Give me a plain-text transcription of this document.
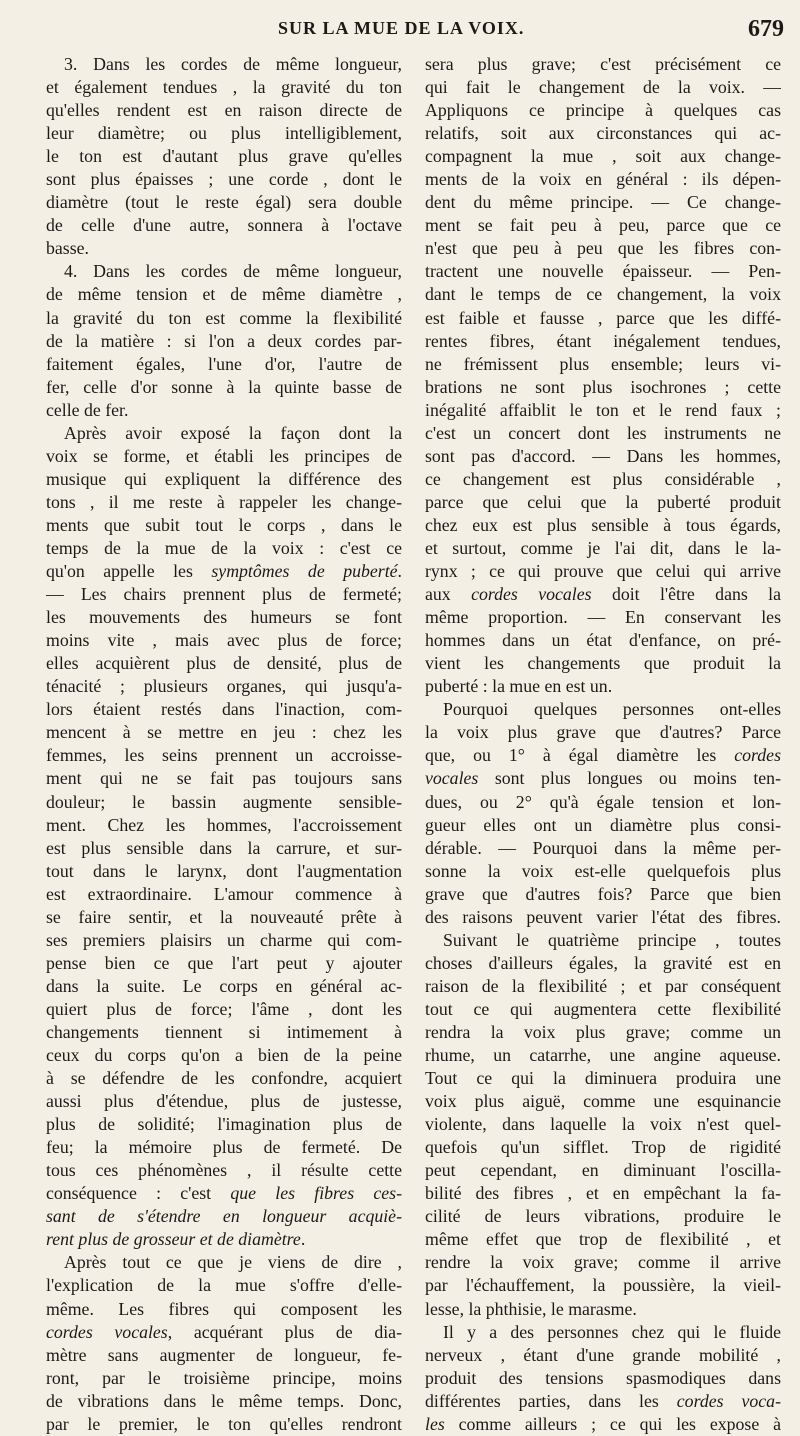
SUR LA MUE DE LA VOIX.	679
3. Dans les cordes de même longueur,
et également tendues , la gravité du ton
qu'elles rendent est en raison directe de
leur diamètre; ou plus intelligiblement,
le ton est d'autant plus grave qu'elles
sont plus épaisses ; une corde , dont le
diamètre (tout le reste égal) sera double
de celle d'une autre, sonnera à l'octave
basse.
4. Dans les cordes de même longueur,
de même tension et de même diamètre ,
la gravité du ton est comme la flexibilité
de la matière : si l'on a deux cordes par-
faitement égales, l'une d'or, l'autre de
fer, celle d'or sonne à la quinte basse de
celle de fer.
Après avoir exposé la façon dont la
voix se forme, et établi les principes de
musique qui expliquent la différence des
tons , il me reste à rappeler les change-
ments que subit tout le corps , dans le
temps de la mue de la voix : c'est ce
qu'on appelle les symptômes de puberté.
— Les chairs prennent plus de fermeté;
les mouvements des humeurs se font
moins vite , mais avec plus de force;
elles acquièrent plus de densité, plus de
ténacité ; plusieurs organes, qui jusqu'a-
lors étaient restés dans l'inaction, com-
mencent à se mettre en jeu : chez les
femmes, les seins prennent un accroisse-
ment qui ne se fait pas toujours sans
douleur; le bassin augmente sensible-
ment. Chez les hommes, l'accroissement
est plus sensible dans la carrure, et sur-
tout dans le larynx, dont l'augmentation
est extraordinaire. L'amour commence à
se faire sentir, et la nouveauté prête à
ses premiers plaisirs un charme qui com-
pense bien ce que l'art peut y ajouter
dans la suite. Le corps en général ac-
quiert plus de force; l'âme , dont les
changements tiennent si intimement à
ceux du corps qu'on a bien de la peine
à se défendre de les confondre, acquiert
aussi plus d'étendue, plus de justesse,
plus de solidité; l'imagination plus de
feu; la mémoire plus de fermeté. De
tous ces phénomènes , il résulte cette
conséquence : c'est que les fibres ces-
sant de s'étendre en longueur acquiè-
rent plus de grosseur et de diamètre.
Après tout ce que je viens de dire ,
l'explication de la mue s'offre d'elle-
même. Les fibres qui composent les
cordes vocales, acquérant plus de dia-
mètre sans augmenter de longueur, fe-
ront, par le troisième principe, moins
de vibrations dans le même temps. Donc,
par le premier, le ton qu'elles rendront
sera plus grave; c'est précisément ce
qui fait le changement de la voix. —
Appliquons ce principe à quelques cas
relatifs, soit aux circonstances qui ac-
compagnent la mue , soit aux change-
ments de la voix en général : ils dépen-
dent du même principe. — Ce change-
ment se fait peu à peu, parce que ce
n'est que peu à peu que les fibres con-
tractent une nouvelle épaisseur. — Pen-
dant le temps de ce changement, la voix
est faible et fausse , parce que les diffé-
rentes fibres, étant inégalement tendues,
ne frémissent plus ensemble; leurs vi-
brations ne sont plus isochrones ; cette
inégalité affaiblit le ton et le rend faux ;
c'est un concert dont les instruments ne
sont pas d'accord. — Dans les hommes,
ce changement est plus considérable ,
parce que celui que la puberté produit
chez eux est plus sensible à tous égards,
et surtout, comme je l'ai dit, dans le la-
rynx ; ce qui prouve que celui qui arrive
aux cordes vocales doit l'être dans la
même proportion. — En conservant les
hommes dans un état d'enfance, on pré-
vient les changements que produit la
puberté : la mue en est un.
Pourquoi quelques personnes ont-elles
la voix plus grave que d'autres? Parce
que, ou 1° à égal diamètre les cordes
vocales sont plus longues ou moins ten-
dues, ou 2° qu'à égale tension et lon-
gueur elles ont un diamètre plus consi-
dérable. — Pourquoi dans la même per-
sonne la voix est-elle quelquefois plus
grave que d'autres fois? Parce que bien
des raisons peuvent varier l'état des fibres.
Suivant le quatrième principe , toutes
choses d'ailleurs égales, la gravité est en
raison de la flexibilité ; et par conséquent
tout ce qui augmentera cette flexibilité
rendra la voix plus grave; comme un
rhume, un catarrhe, une angine aqueuse.
Tout ce qui la diminuera produira une
voix plus aiguë, comme une esquinancie
violente, dans laquelle la voix n'est quel-
quefois qu'un sifflet. Trop de rigidité
peut cependant, en diminuant l'oscilla-
bilité des fibres , et en empêchant la fa-
cilité de leurs vibrations, produire le
même effet que trop de flexibilité , et
rendre la voix grave; comme il arrive
par l'échauffement, la poussière, la vieil-
lesse, la phthisie, le marasme.
Il y a des personnes chez qui le fluide
nerveux , étant d'une grande mobilité ,
produit des tensions spasmodiques dans
différentes parties, dans les cordes voca-
les comme ailleurs ; ce qui les expose à
